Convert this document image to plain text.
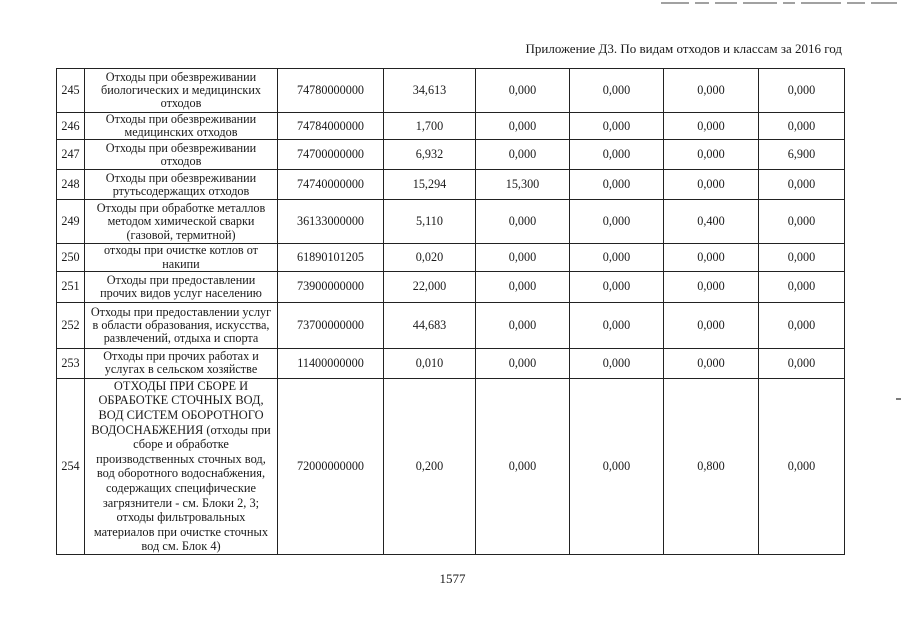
Приложение Д3. По видам отходов и классам за 2016 год
245	Отходы при обезвреживании биологических и медицинских отходов	74780000000	34,613	0,000	0,000	0,000	0,000
246	Отходы при обезвреживании медицинских отходов	74784000000	1,700	0,000	0,000	0,000	0,000
247	Отходы при обезвреживании отходов	74700000000	6,932	0,000	0,000	0,000	6,900
248	Отходы при обезвреживании ртутьсодержащих отходов	74740000000	15,294	15,300	0,000	0,000	0,000
249	Отходы при обработке металлов методом химической сварки (газовой, термитной)	36133000000	5,110	0,000	0,000	0,400	0,000
250	отходы при очистке котлов от накипи	61890101205	0,020	0,000	0,000	0,000	0,000
251	Отходы при предоставлении прочих видов услуг населению	73900000000	22,000	0,000	0,000	0,000	0,000
252	Отходы при предоставлении услуг в области образования, искусства, развлечений, отдыха и спорта	73700000000	44,683	0,000	0,000	0,000	0,000
253	Отходы при прочих работах и услугах в сельском хозяйстве	11400000000	0,010	0,000	0,000	0,000	0,000
254	ОТХОДЫ ПРИ СБОРЕ И ОБРАБОТКЕ СТОЧНЫХ ВОД, ВОД СИСТЕМ ОБОРОТНОГО ВОДОСНАБЖЕНИЯ (отходы при сборе и обработке производственных сточных вод, вод оборотного водоснабжения, содержащих специфические загрязнители - см. Блоки 2, 3; отходы фильтровальных материалов при очистке сточных вод см. Блок 4)	72000000000	0,200	0,000	0,000	0,800	0,000
1577
